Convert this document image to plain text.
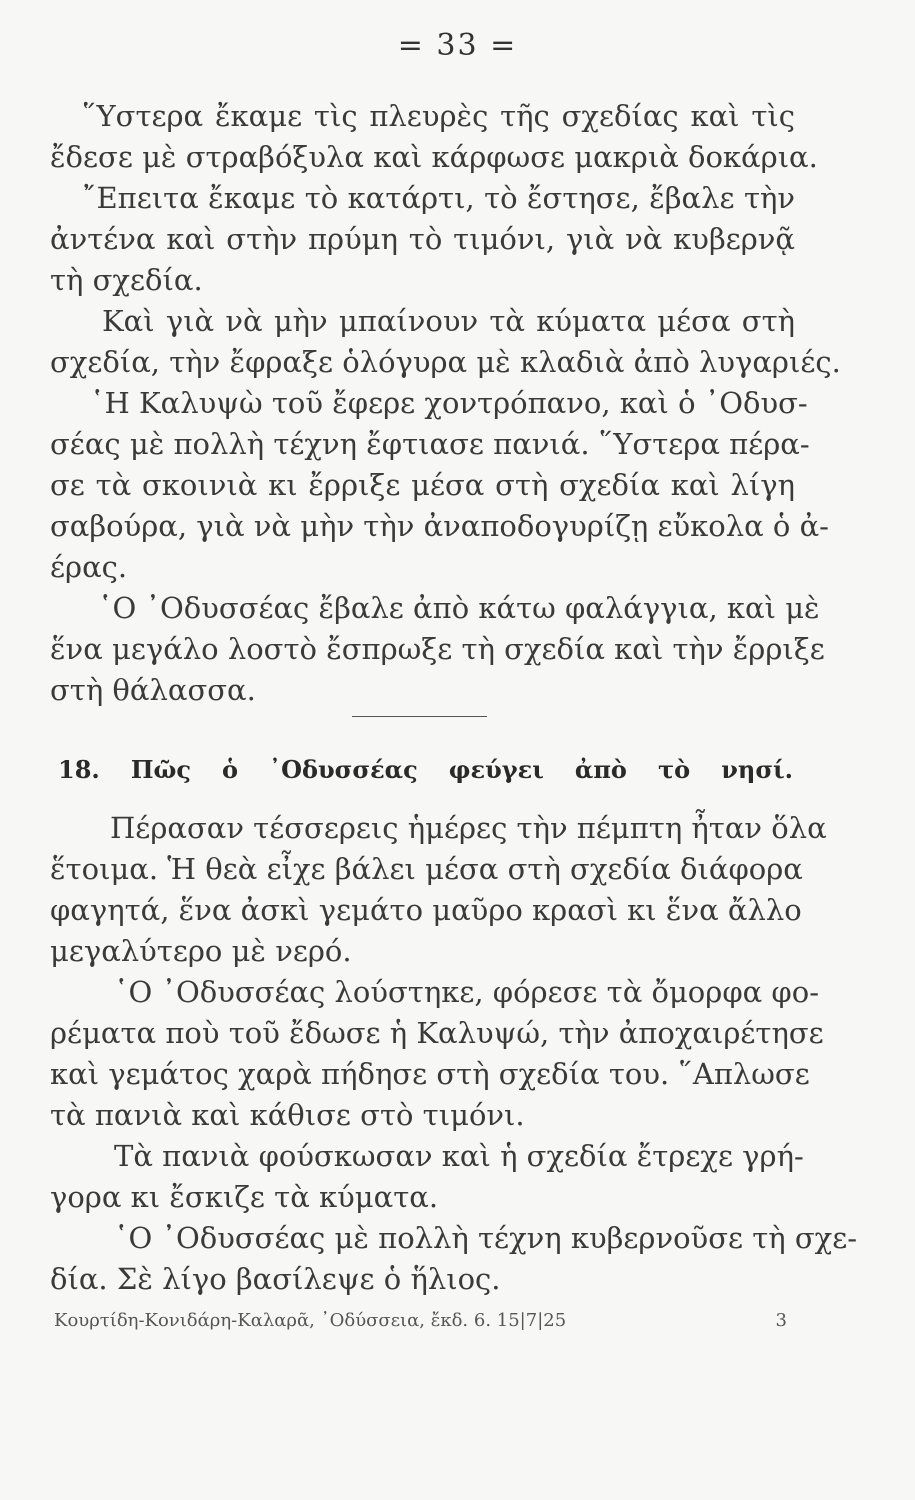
= 33 =
῞Υστερα ἔκαμε τὶς πλευρὲς τῆς σχεδίας καὶ τὶς
ἔδεσε μὲ στραβόξυλα καὶ κάρφωσε μακριὰ δοκάρια.
῎Επειτα ἔκαμε τὸ κατάρτι, τὸ ἔστησε, ἔβαλε τὴν
ἀντένα καὶ στὴν πρύμη τὸ τιμόνι, γιὰ νὰ κυβερνᾷ
τὴ σχεδία.
Καὶ γιὰ νὰ μὴν μπαίνουν τὰ κύματα μέσα στὴ
σχεδία, τὴν ἔφραξε ὁλόγυρα μὲ κλαδιὰ ἀπὸ λυγαριές.
῾Η Καλυψὼ τοῦ ἔφερε χοντρόπανο, καὶ ὁ ᾿Οδυσ-
σέας μὲ πολλὴ τέχνη ἔφτιασε πανιά. ῞Υστερα πέρα-
σε τὰ σκοινιὰ κι ἔρριξε μέσα στὴ σχεδία καὶ λίγη
σαβούρα, γιὰ νὰ μὴν τὴν ἀναποδογυρίζῃ εὔκολα ὁ ἀ-
έρας.
῾Ο ᾿Οδυσσέας ἔβαλε ἀπὸ κάτω φαλάγγια, καὶ μὲ
ἕνα μεγάλο λοστὸ ἔσπρωξε τὴ σχεδία καὶ τὴν ἔρριξε
στὴ θάλασσα.
18. Πῶς ὁ ᾿Οδυσσέας φεύγει ἀπὸ τὸ νησί.
Πέρασαν τέσσερεις ἡμέρες τὴν πέμπτη ἦταν ὅλα
ἕτοιμα. Ἡ θεὰ εἶχε βάλει μέσα στὴ σχεδία διάφορα
φαγητά, ἕνα ἀσκὶ γεμάτο μαῦρο κρασὶ κι ἕνα ἄλλο
μεγαλύτερο μὲ νερό.
῾Ο ᾿Οδυσσέας λούστηκε, φόρεσε τὰ ὄμορφα φο-
ρέματα ποὺ τοῦ ἔδωσε ἡ Καλυψώ, τὴν ἀποχαιρέτησε
καὶ γεμάτος χαρὰ πήδησε στὴ σχεδία του. ῞Απλωσε
τὰ πανιὰ καὶ κάθισε στὸ τιμόνι.
Τὰ πανιὰ φούσκωσαν καὶ ἡ σχεδία ἔτρεχε γρή-
γορα κι ἔσκιζε τὰ κύματα.
῾Ο ᾿Οδυσσέας μὲ πολλὴ τέχνη κυβερνοῦσε τὴ σχε-
δία. Σὲ λίγο βασίλεψε ὁ ἥλιος.
Κουρτίδη-Κονιδάρη-Καλαρᾶ, ᾿Οδύσσεια, ἔκδ. 6. 15|7|25	3
